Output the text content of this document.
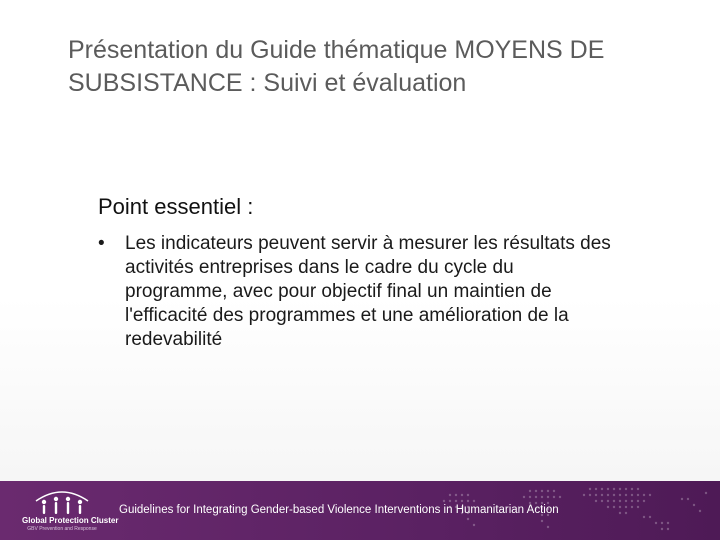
Présentation du Guide thématique MOYENS DE SUBSISTANCE : Suivi et évaluation

Point essentiel :

• Les indicateurs peuvent servir à mesurer les résultats des activités entreprises dans le cadre du cycle du programme, avec pour objectif final un maintien de l'efficacité des programmes et une amélioration de la redevabilité

Global Protection Cluster

GBV Prevention and Response

Guidelines for Integrating Gender-based Violence Interventions in Humanitarian Action
